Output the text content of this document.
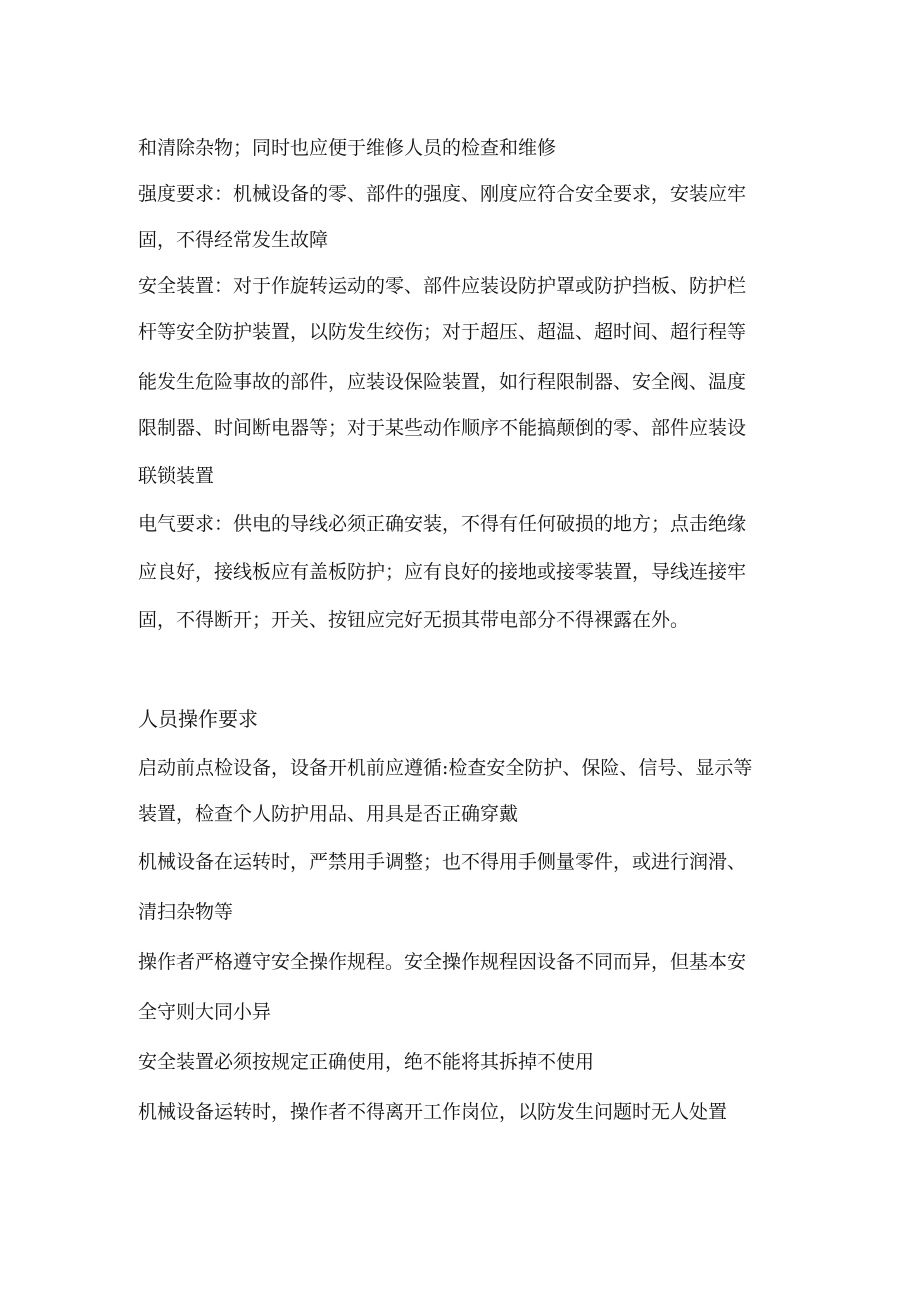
和清除杂物；同时也应便于维修人员的检查和维修
强度要求：机械设备的零、部件的强度、刚度应符合安全要求，安装应牢
固，不得经常发生故障
安全装置：对于作旋转运动的零、部件应装设防护罩或防护挡板、防护栏
杆等安全防护装置，以防发生绞伤；对于超压、超温、超时间、超行程等
能发生危险事故的部件，应装设保险装置，如行程限制器、安全阀、温度
限制器、时间断电器等；对于某些动作顺序不能搞颠倒的零、部件应装设
联锁装置
电气要求：供电的导线必须正确安装，不得有任何破损的地方；点击绝缘
应良好，接线板应有盖板防护；应有良好的接地或接零装置，导线连接牢
固，不得断开；开关、按钮应完好无损其带电部分不得裸露在外。
人员操作要求
启动前点检设备，设备开机前应遵循:检查安全防护、保险、信号、显示等
装置，检查个人防护用品、用具是否正确穿戴
机械设备在运转时，严禁用手调整；也不得用手侧量零件，或进行润滑、
清扫杂物等
操作者严格遵守安全操作规程。安全操作规程因设备不同而异，但基本安
全守则大同小异
安全装置必须按规定正确使用，绝不能将其拆掉不使用
机械设备运转时，操作者不得离开工作岗位，以防发生问题时无人处置
